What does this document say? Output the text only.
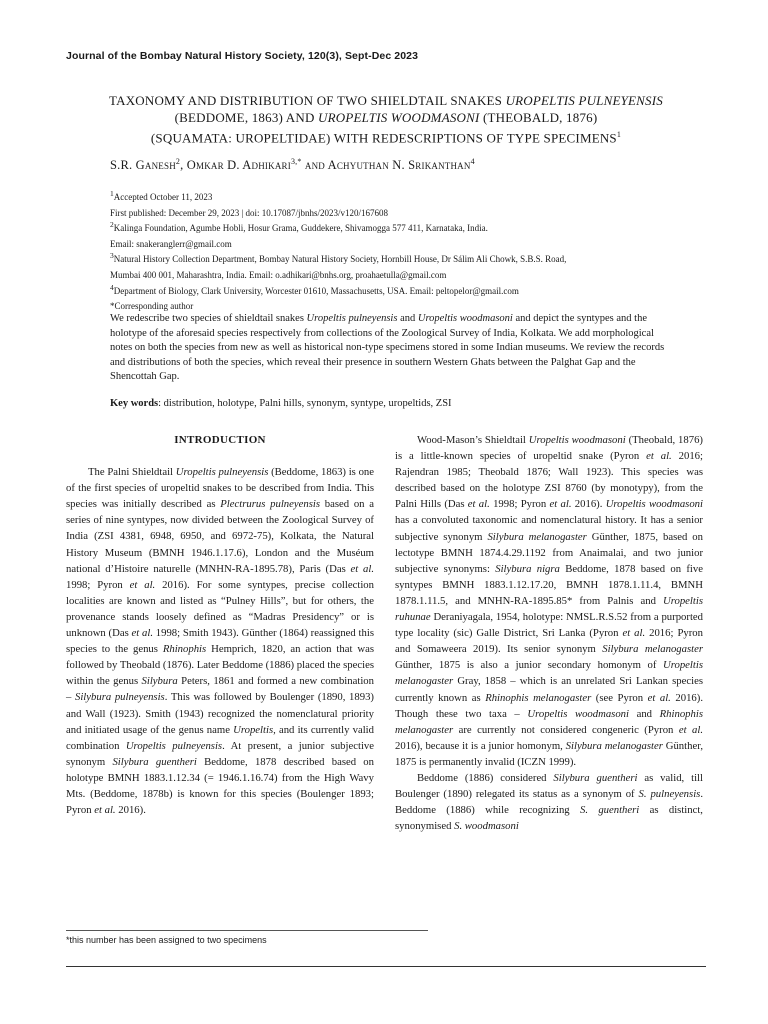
Journal of the Bombay Natural History Society, 120(3), Sept-Dec 2023
TAXONOMY AND DISTRIBUTION OF TWO SHIELDTAIL SNAKES UROPELTIS PULNEYENSIS
(BEDDOME, 1863) AND UROPELTIS WOODMASONI (THEOBALD, 1876)
(SQUAMATA: UROPELTIDAE) WITH REDESCRIPTIONS OF TYPE SPECIMENS$^1$
S.R. Ganesh$^2$, Omkar D. Adhikari$^{3,*}$ and Achyuthan N. Srikanthan$^4$

$^1$Accepted October 11, 2023

First published: December 29, 2023 | doi: 10.17087/jbnhs/2023/v120/167608

$^2$Kalinga Foundation, Agumbe Hobli, Hosur Grama, Guddekere, Shivamogga 577 411, Karnataka, India.

Email: snakeranglerr@gmail.com

$^3$Natural History Collection Department, Bombay Natural History Society, Hornbill House, Dr Sálim Ali Chowk, S.B.S. Road,

Mumbai 400 001, Maharashtra, India. Email: o.adhikari@bnhs.org, proahaetulla@gmail.com

$^4$Department of Biology, Clark University, Worcester 01610, Massachusetts, USA. Email: peltopelor@gmail.com

*Corresponding author

We redescribe two species of shieldtail snakes Uropeltis pulneyensis and Uropeltis woodmasoni and depict the syntypes and the holotype of the aforesaid species respectively from collections of the Zoological Survey of India, Kolkata. We add morphological notes on both the species from new as well as historical non-type specimens stored in some Indian museums. We review the records and distributions of both the species, which reveal their presence in southern Western Ghats between the Palghat Gap and the Shencottah Gap.

Key words: distribution, holotype, Palni hills, synonym, syntype, uropeltids, ZSI

INTRODUCTION

The Palni Shieldtail Uropeltis pulneyensis (Beddome, 1863) is one of the first species of uropeltid snakes to be described from India. This species was initially described as Plectrurus pulneyensis based on a series of nine syntypes, now divided between the Zoological Survey of India (ZSI 4381, 6948, 6950, and 6972-75), Kolkata, the Natural History Museum (BMNH 1946.1.17.6), London and the Muséum national d’Histoire naturelle (MNHN-RA-1895.78), Paris (Das et al. 1998; Pyron et al. 2016). For some syntypes, precise collection localities are known and listed as “Pulney Hills”, but for others, the provenance stands loosely defined as “Madras Presidency” or is unknown (Das et al. 1998; Smith 1943). Günther (1864) reassigned this species to the genus Rhinophis Hemprich, 1820, an action that was followed by Theobald (1876). Later Beddome (1886) placed the species within the genus Silybura Peters, 1861 and formed a new combination – Silybura pulneyensis. This was followed by Boulenger (1890, 1893) and Wall (1923). Smith (1943) recognized the nomenclatural priority and initiated usage of the genus name Uropeltis, and its currently valid combination Uropeltis pulneyensis. At present, a junior subjective synonym Silybura guentheri Beddome, 1878 described based on holotype BMNH 1883.1.12.34 (= 1946.1.16.74) from the High Wavy Mts. (Beddome, 1878b) is known for this species (Boulenger 1893; Pyron et al. 2016).

Wood-Mason’s Shieldtail Uropeltis woodmasoni (Theobald, 1876) is a little-known species of uropeltid snake (Pyron et al. 2016; Rajendran 1985; Theobald 1876; Wall 1923). This species was described based on the holotype ZSI 8760 (by monotypy), from the Palni Hills (Das et al. 1998; Pyron et al. 2016). Uropeltis woodmasoni has a convoluted taxonomic and nomenclatural history. It has a senior subjective synonym Silybura melanogaster Günther, 1875, based on lectotype BMNH 1874.4.29.1192 from Anaimalai, and two junior subjective synonyms: Silybura nigra Beddome, 1878 based on five syntypes BMNH 1883.1.12.17.20, BMNH 1878.1.11.4, BMNH 1878.1.11.5, and MNHN-RA-1895.85* from Palnis and Uropeltis ruhunae Deraniyagala, 1954, holotype: NMSL.R.S.52 from a purported type locality (sic) Galle District, Sri Lanka (Pyron et al. 2016; Pyron and Somaweera 2019). Its senior synonym Silybura melanogaster Günther, 1875 is also a junior secondary homonym of Uropeltis melanogaster Gray, 1858 – which is an unrelated Sri Lankan species currently known as Rhinophis melanogaster (see Pyron et al. 2016). Though these two taxa – Uropeltis woodmasoni and Rhinophis melanogaster are currently not considered congeneric (Pyron et al. 2016), because it is a junior homonym, Silybura melanogaster Günther, 1875 is permanently invalid (ICZN 1999).

Beddome (1886) considered Silybura guentheri as valid, till Boulenger (1890) relegated its status as a synonym of S. pulneyensis. Beddome (1886) while recognizing S. guentheri as distinct, synonymised S. woodmasoni

*this number has been assigned to two specimens
